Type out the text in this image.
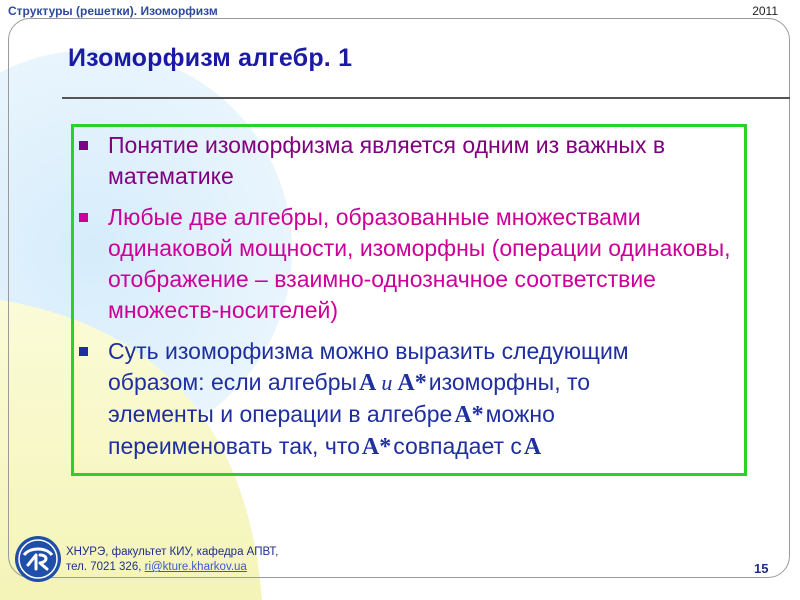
Структуры (решетки). Изоморфизм	2011
Изоморфизм алгебр. 1
Понятие изоморфизма является одним из важных в математике
Любые две алгебры, образованные множествами одинаковой мощности, изоморфны (операции одинаковы, отображение – взаимно-однозначное соответствие множеств-носителей)
Суть изоморфизма можно выразить следующим
образом: если алгебрыA и A*изоморфны, то
элементы и операции в алгебреA*можно
переименовать так, чтоA*совпадает сA
ХНУРЭ, факультет КИУ, кафедра АПВТ,
тел. 7021 326, ri@kture.kharkov.ua	15
